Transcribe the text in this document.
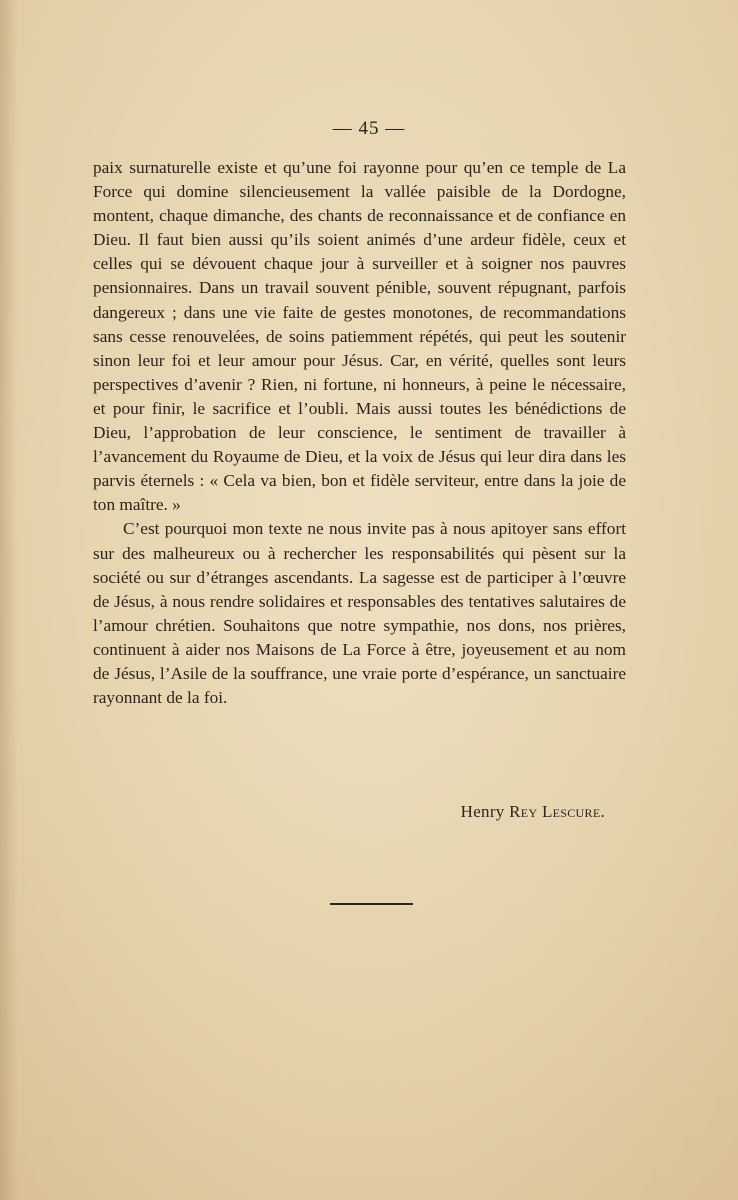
— 45 —

paix surnaturelle existe et qu’une foi rayonne pour qu’en ce temple de La Force qui domine silencieusement la vallée paisible de la Dordogne, montent, chaque dimanche, des chants de reconnaissance et de confiance en Dieu. Il faut bien aussi qu’ils soient animés d’une ardeur fidèle, ceux et celles qui se dévouent chaque jour à surveiller et à soigner nos pauvres pensionnaires. Dans un travail souvent pénible, souvent répugnant, parfois dangereux ; dans une vie faite de gestes monotones, de recommandations sans cesse renouvelées, de soins patiemment répétés, qui peut les soutenir sinon leur foi et leur amour pour Jésus. Car, en vérité, quelles sont leurs perspectives d’avenir ? Rien, ni fortune, ni honneurs, à peine le nécessaire, et pour finir, le sacrifice et l’oubli. Mais aussi toutes les bénédictions de Dieu, l’approbation de leur conscience, le sentiment de travailler à l’avancement du Royaume de Dieu, et la voix de Jésus qui leur dira dans les parvis éternels : « Cela va bien, bon et fidèle serviteur, entre dans la joie de ton maître. »

C’est pourquoi mon texte ne nous invite pas à nous apitoyer sans effort sur des malheureux ou à rechercher les responsabilités qui pèsent sur la société ou sur d’étranges ascendants. La sagesse est de participer à l’œuvre de Jésus, à nous rendre solidaires et responsables des tentatives salutaires de l’amour chrétien. Souhaitons que notre sympathie, nos dons, nos prières, continuent à aider nos Maisons de La Force à être, joyeusement et au nom de Jésus, l’Asile de la souffrance, une vraie porte d’espérance, un sanctuaire rayonnant de la foi.

Henry Rey Lescure.
